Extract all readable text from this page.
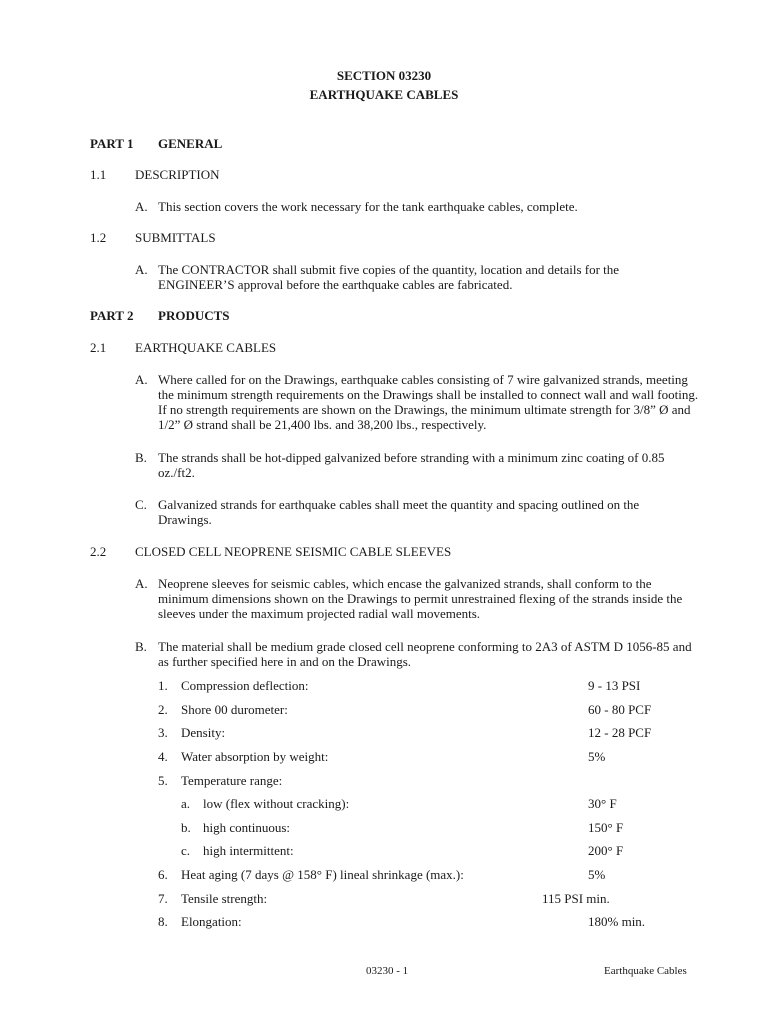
SECTION 03230
EARTHQUAKE CABLES
PART 1 GENERAL
1.1 DESCRIPTION
A. This section covers the work necessary for the tank earthquake cables, complete.
1.2 SUBMITTALS
A. The CONTRACTOR shall submit five copies of the quantity, location and details for the ENGINEER’S approval before the earthquake cables are fabricated.
PART 2 PRODUCTS
2.1 EARTHQUAKE CABLES
A. Where called for on the Drawings, earthquake cables consisting of 7 wire galvanized strands, meeting the minimum strength requirements on the Drawings shall be installed to connect wall and wall footing. If no strength requirements are shown on the Drawings, the minimum ultimate strength for 3/8” Ø and 1/2” Ø strand shall be 21,400 lbs. and 38,200 lbs., respectively.
B. The strands shall be hot-dipped galvanized before stranding with a minimum zinc coating of 0.85 oz./ft2.
C. Galvanized strands for earthquake cables shall meet the quantity and spacing outlined on the Drawings.
2.2 CLOSED CELL NEOPRENE SEISMIC CABLE SLEEVES
A. Neoprene sleeves for seismic cables, which encase the galvanized strands, shall conform to the minimum dimensions shown on the Drawings to permit unrestrained flexing of the strands inside the sleeves under the maximum projected radial wall movements.
B. The material shall be medium grade closed cell neoprene conforming to 2A3 of ASTM D 1056-85 and as further specified here in and on the Drawings.
1. Compression deflection:	9 - 13 PSI
2. Shore 00 durometer:	60 - 80 PCF
3. Density:	12 - 28 PCF
4. Water absorption by weight:	5%
5. Temperature range:
a. low (flex without cracking):	30° F
b. high continuous:	150° F
c. high intermittent:	200° F
6. Heat aging (7 days @ 158° F) lineal shrinkage (max.):	5%
7. Tensile strength:	115 PSI min.
8. Elongation:	180% min.
03230 - 1	Earthquake Cables
